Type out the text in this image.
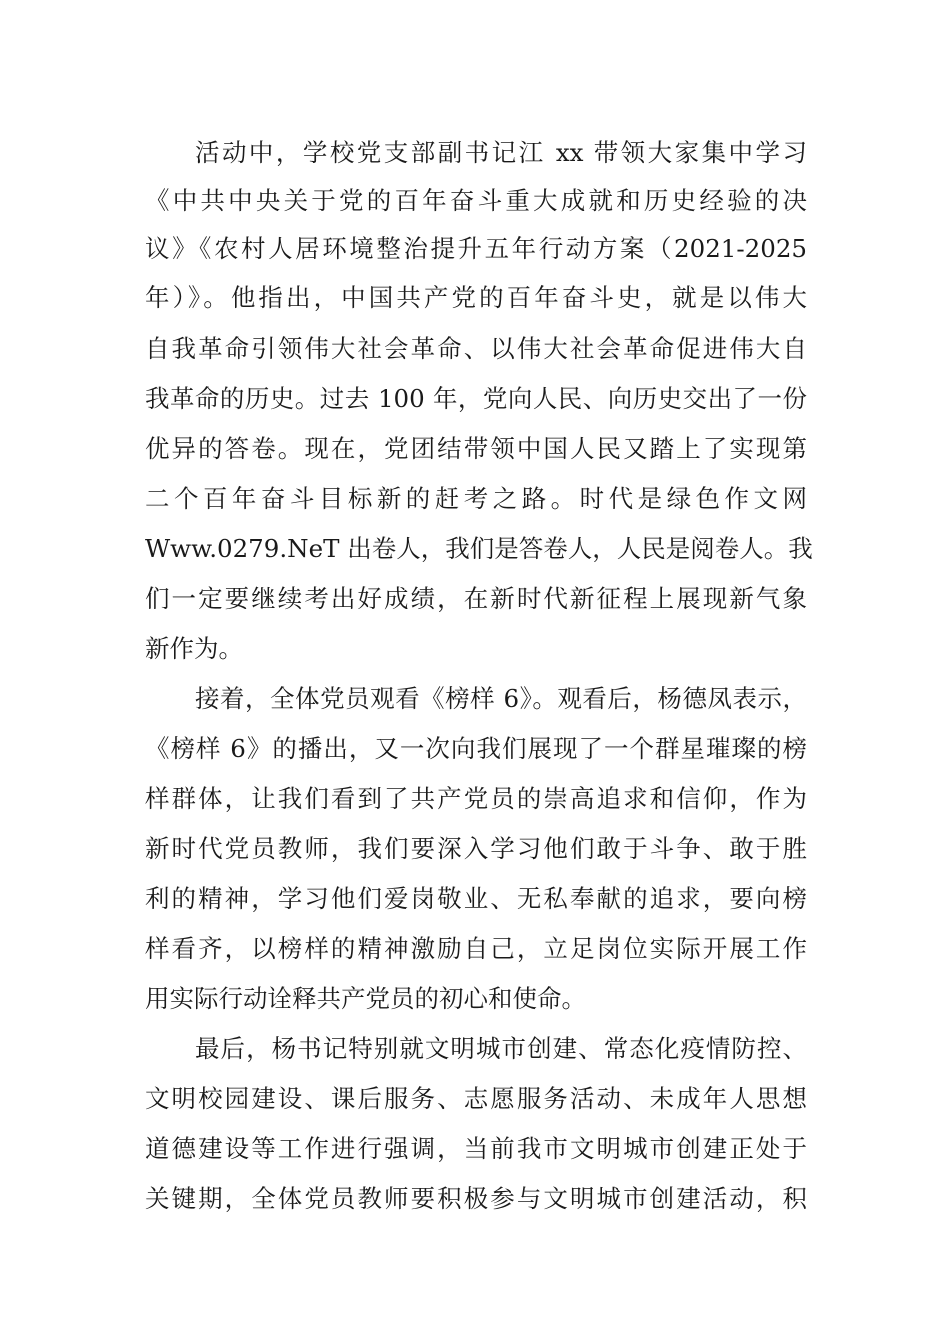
活动中，学校党支部副书记江 xx 带领大家集中学习
《中共中央关于党的百年奋斗重大成就和历史经验的决
议》《农村人居环境整治提升五年行动方案（2021-2025
年）》。他指出，中国共产党的百年奋斗史，就是以伟大
自我革命引领伟大社会革命、以伟大社会革命促进伟大自
我革命的历史。过去 100 年，党向人民、向历史交出了一份
优异的答卷。现在，党团结带领中国人民又踏上了实现第
二个百年奋斗目标新的赶考之路。时代是绿色作文网
Www.0279.NeT 出卷人，我们是答卷人，人民是阅卷人。我
们一定要继续考出好成绩，在新时代新征程上展现新气象
新作为。
接着，全体党员观看《榜样 6》。观看后，杨德凤表示，
《榜样 6》的播出，又一次向我们展现了一个群星璀璨的榜
样群体，让我们看到了共产党员的崇高追求和信仰，作为
新时代党员教师，我们要深入学习他们敢于斗争、敢于胜
利的精神，学习他们爱岗敬业、无私奉献的追求，要向榜
样看齐，以榜样的精神激励自己，立足岗位实际开展工作
用实际行动诠释共产党员的初心和使命。
最后，杨书记特别就文明城市创建、常态化疫情防控、
文明校园建设、课后服务、志愿服务活动、未成年人思想
道德建设等工作进行强调，当前我市文明城市创建正处于
关键期，全体党员教师要积极参与文明城市创建活动，积
